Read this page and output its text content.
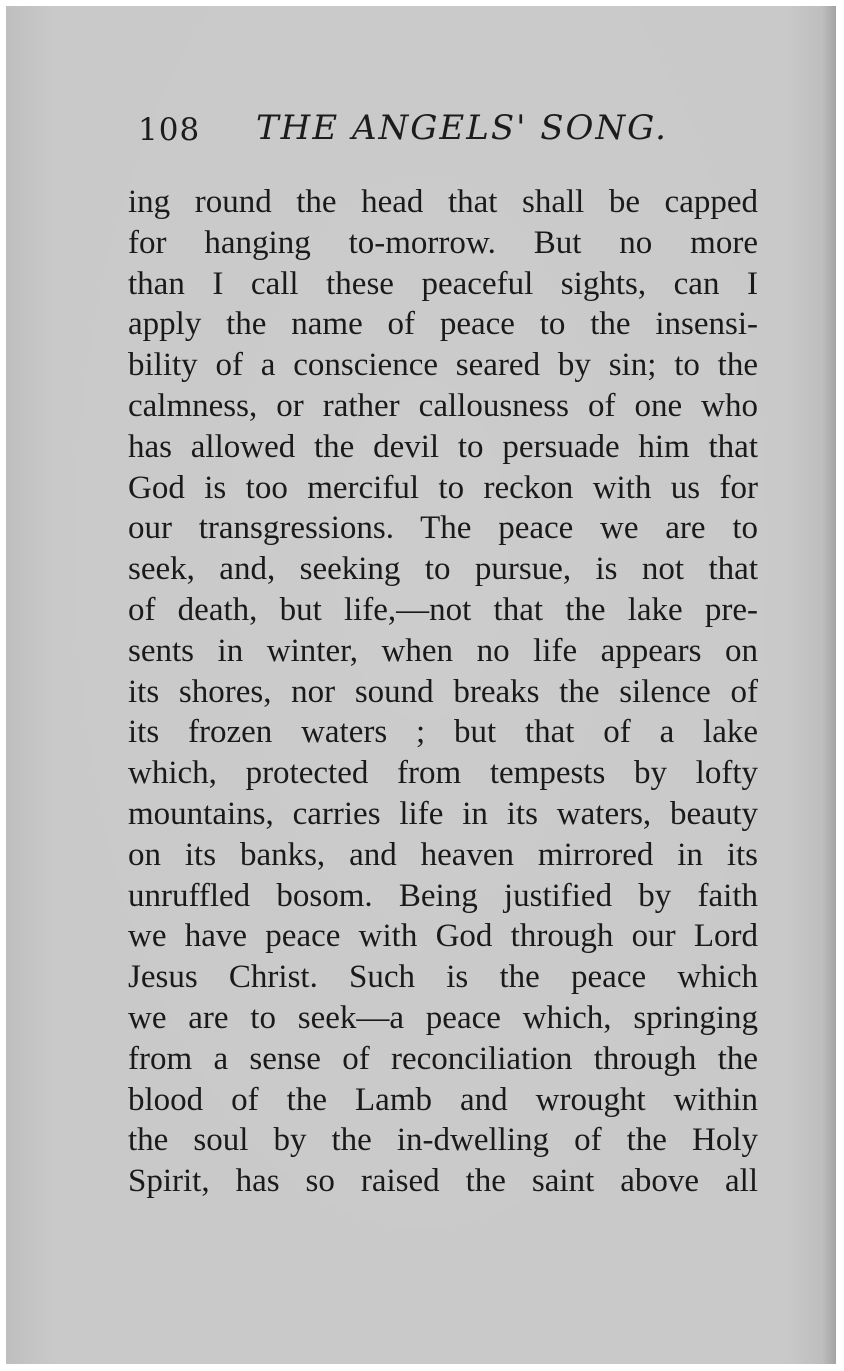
108 THE ANGELS' SONG.
ing round the head that shall be capped
for hanging to-morrow. But no more
than I call these peaceful sights, can I
apply the name of peace to the insensi-
bility of a conscience seared by sin; to the
calmness, or rather callousness of one who
has allowed the devil to persuade him that
God is too merciful to reckon with us for
our transgressions. The peace we are to
seek, and, seeking to pursue, is not that
of death, but life,—not that the lake pre-
sents in winter, when no life appears on
its shores, nor sound breaks the silence of
its frozen waters ; but that of a lake
which, protected from tempests by lofty
mountains, carries life in its waters, beauty
on its banks, and heaven mirrored in its
unruffled bosom. Being justified by faith
we have peace with God through our Lord
Jesus Christ. Such is the peace which
we are to seek—a peace which, springing
from a sense of reconciliation through the
blood of the Lamb and wrought within
the soul by the in-dwelling of the Holy
Spirit, has so raised the saint above all
